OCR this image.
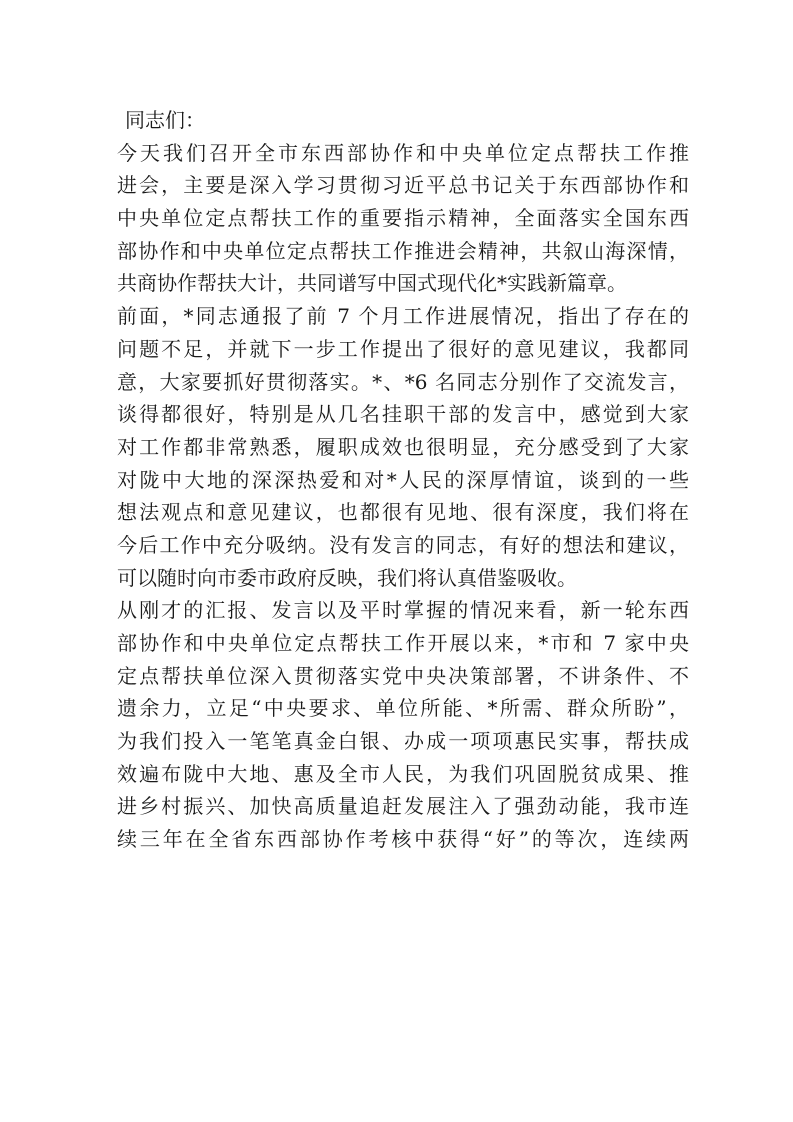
同志们：
今天我们召开全市东西部协作和中央单位定点帮扶工作推
进会，主要是深入学习贯彻习近平总书记关于东西部协作和
中央单位定点帮扶工作的重要指示精神，全面落实全国东西
部协作和中央单位定点帮扶工作推进会精神，共叙山海深情，
共商协作帮扶大计，共同谱写中国式现代化*实践新篇章。
前面，*同志通报了前 7 个月工作进展情况，指出了存在的
问题不足，并就下一步工作提出了很好的意见建议，我都同
意，大家要抓好贯彻落实。*、*6 名同志分别作了交流发言，
谈得都很好，特别是从几名挂职干部的发言中，感觉到大家
对工作都非常熟悉，履职成效也很明显，充分感受到了大家
对陇中大地的深深热爱和对*人民的深厚情谊，谈到的一些
想法观点和意见建议，也都很有见地、很有深度，我们将在
今后工作中充分吸纳。没有发言的同志，有好的想法和建议，
可以随时向市委市政府反映，我们将认真借鉴吸收。
从刚才的汇报、发言以及平时掌握的情况来看，新一轮东西
部协作和中央单位定点帮扶工作开展以来，*市和 7 家中央
定点帮扶单位深入贯彻落实党中央决策部署，不讲条件、不
遗余力，立足“中央要求、单位所能、*所需、群众所盼”，
为我们投入一笔笔真金白银、办成一项项惠民实事，帮扶成
效遍布陇中大地、惠及全市人民，为我们巩固脱贫成果、推
进乡村振兴、加快高质量追赶发展注入了强劲动能，我市连
续三年在全省东西部协作考核中获得“好”的等次，连续两
